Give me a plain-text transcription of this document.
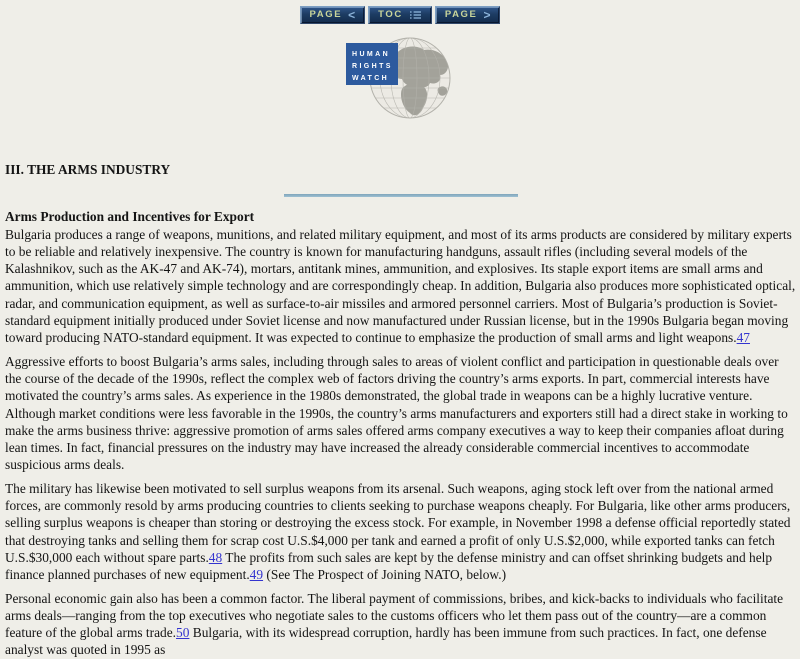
PAGE < TOC	PAGE >
HUMAN
RIGHTS
WATCH
III. THE ARMS INDUSTRY
Arms Production and Incentives for Export

Bulgaria produces a range of weapons, munitions, and related military equipment, and most of its arms products are considered by military experts to be reliable and relatively inexpensive. The country is known for manufacturing handguns, assault rifles (including several models of the Kalashnikov, such as the AK-47 and AK-74), mortars, antitank mines, ammunition, and explosives. Its staple export items are small arms and ammunition, which use relatively simple technology and are correspondingly cheap. In addition, Bulgaria also produces more sophisticated optical, radar, and communication equipment, as well as surface-to-air missiles and armored personnel carriers. Most of Bulgaria’s production is Soviet-standard equipment initially produced under Soviet license and now manufactured under Russian license, but in the 1990s Bulgaria began moving toward producing NATO-standard equipment. It was expected to continue to emphasize the production of small arms and light weapons.47

Aggressive efforts to boost Bulgaria’s arms sales, including through sales to areas of violent conflict and participation in questionable deals over the course of the decade of the 1990s, reflect the complex web of factors driving the country’s arms exports. In part, commercial interests have motivated the country’s arms sales. As experience in the 1980s demonstrated, the global trade in weapons can be a highly lucrative venture. Although market conditions were less favorable in the 1990s, the country’s arms manufacturers and exporters still had a direct stake in working to make the arms business thrive: aggressive promotion of arms sales offered arms company executives a way to keep their companies afloat during lean times. In fact, financial pressures on the industry may have increased the already considerable commercial incentives to accommodate suspicious arms deals.

The military has likewise been motivated to sell surplus weapons from its arsenal. Such weapons, aging stock left over from the national armed forces, are commonly resold by arms producing countries to clients seeking to purchase weapons cheaply. For Bulgaria, like other arms producers, selling surplus weapons is cheaper than storing or destroying the excess stock. For example, in November 1998 a defense official reportedly stated that destroying tanks and selling them for scrap cost U.S.$4,000 per tank and earned a profit of only U.S.$2,000, while exported tanks can fetch U.S.$30,000 each without spare parts.48 The profits from such sales are kept by the defense ministry and can offset shrinking budgets and help finance planned purchases of new equipment.49 (See The Prospect of Joining NATO, below.)

Personal economic gain also has been a common factor. The liberal payment of commissions, bribes, and kick-backs to individuals who facilitate arms deals—ranging from the top executives who negotiate sales to the customs officers who let them pass out of the country—are a common feature of the global arms trade.50 Bulgaria, with its widespread corruption, hardly has been immune from such practices. In fact, one defense analyst was quoted in 1995 as
